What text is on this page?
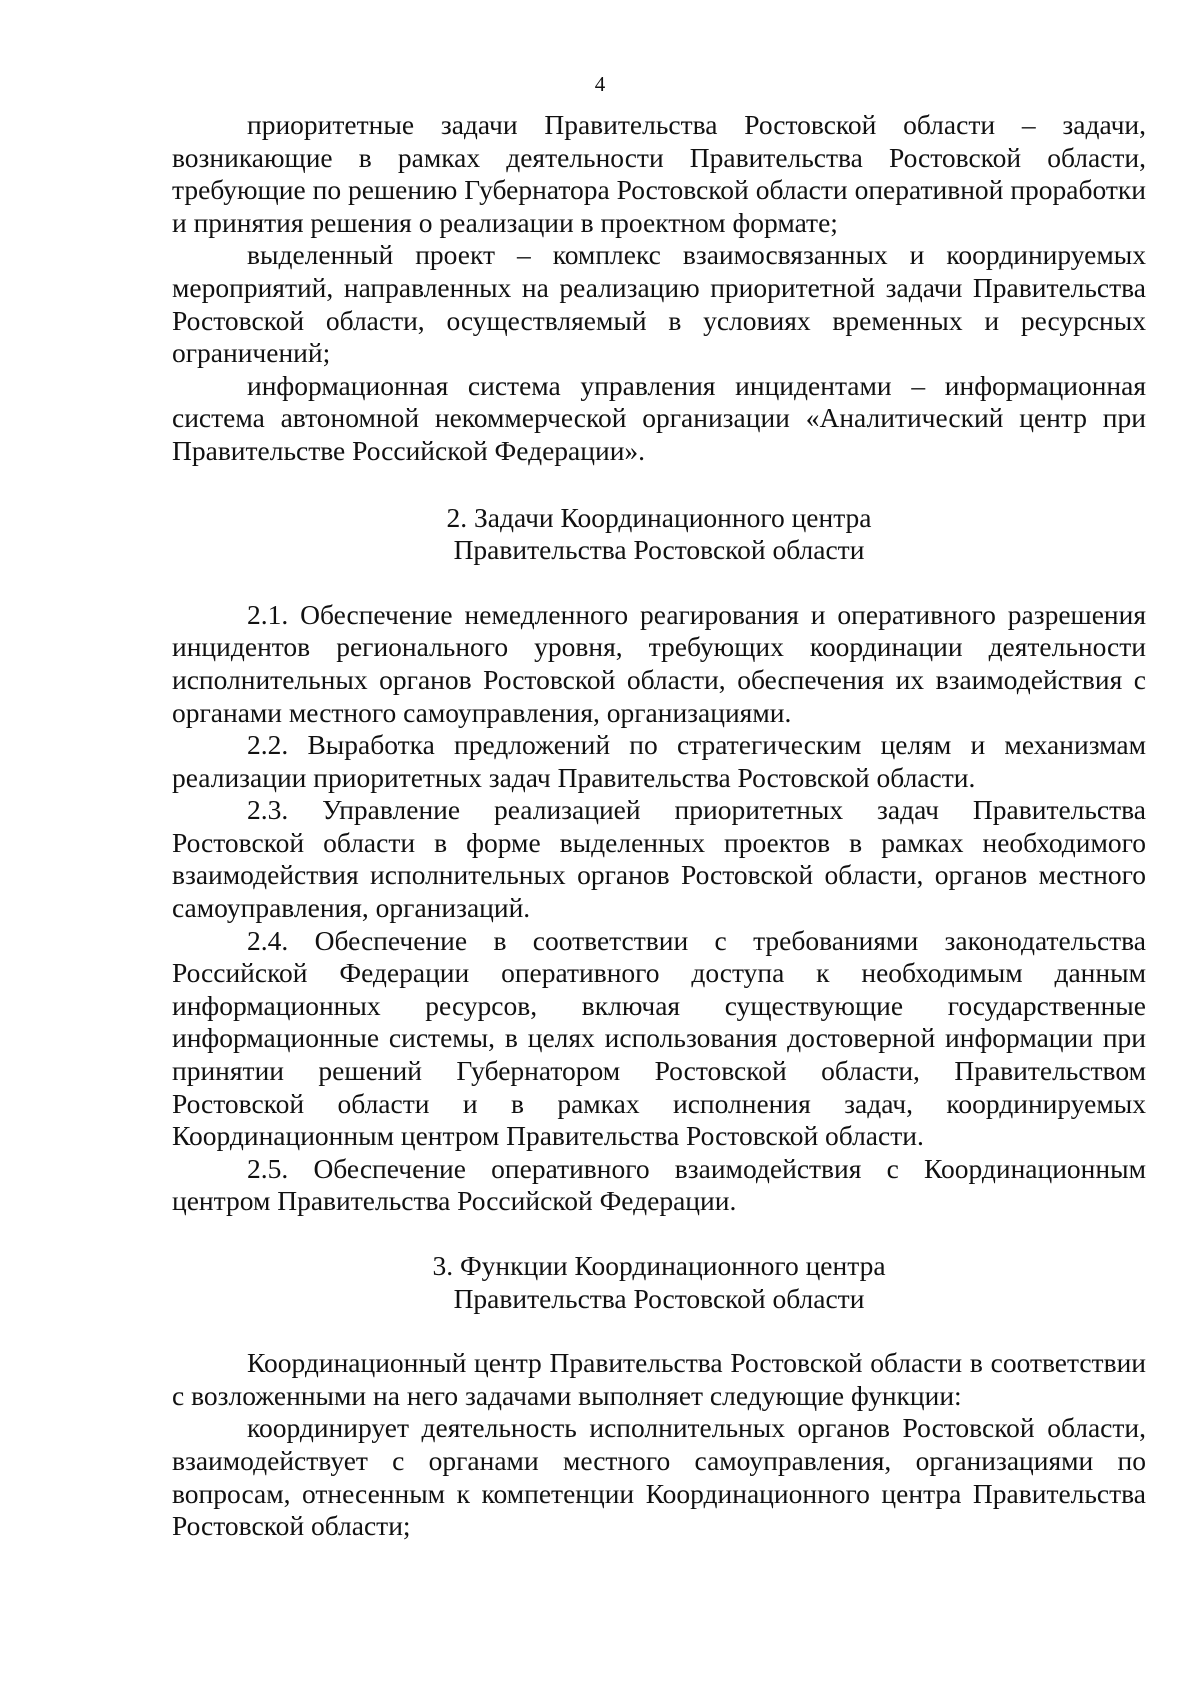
4

приоритетные задачи Правительства Ростовской области – задачи, возникающие в рамках деятельности Правительства Ростовской области, требующие по решению Губернатора Ростовской области оперативной проработки и принятия решения о реализации в проектном формате;

выделенный проект – комплекс взаимосвязанных и координируемых мероприятий, направленных на реализацию приоритетной задачи Правительства Ростовской области, осуществляемый в условиях временных и ресурсных ограничений;

информационная система управления инцидентами – информационная система автономной некоммерческой организации «Аналитический центр при Правительстве Российской Федерации».

2. Задачи Координационного центра
Правительства Ростовской области

2.1. Обеспечение немедленного реагирования и оперативного разрешения инцидентов регионального уровня, требующих координации деятельности исполнительных органов Ростовской области, обеспечения их взаимодействия с органами местного самоуправления, организациями.

2.2. Выработка предложений по стратегическим целям и механизмам реализации приоритетных задач Правительства Ростовской области.

2.3. Управление реализацией приоритетных задач Правительства Ростовской области в форме выделенных проектов в рамках необходимого взаимодействия исполнительных органов Ростовской области, органов местного самоуправления, организаций.

2.4. Обеспечение в соответствии с требованиями законодательства Российской Федерации оперативного доступа к необходимым данным информационных ресурсов, включая существующие государственные информационные системы, в целях использования достоверной информации при принятии решений Губернатором Ростовской области, Правительством Ростовской области и в рамках исполнения задач, координируемых Координационным центром Правительства Ростовской области.

2.5. Обеспечение оперативного взаимодействия с Координационным центром Правительства Российской Федерации.

3. Функции Координационного центра
Правительства Ростовской области

Координационный центр Правительства Ростовской области в соответствии с возложенными на него задачами выполняет следующие функции:

координирует деятельность исполнительных органов Ростовской области, взаимодействует с органами местного самоуправления, организациями по вопросам, отнесенным к компетенции Координационного центра Правительства Ростовской области;
